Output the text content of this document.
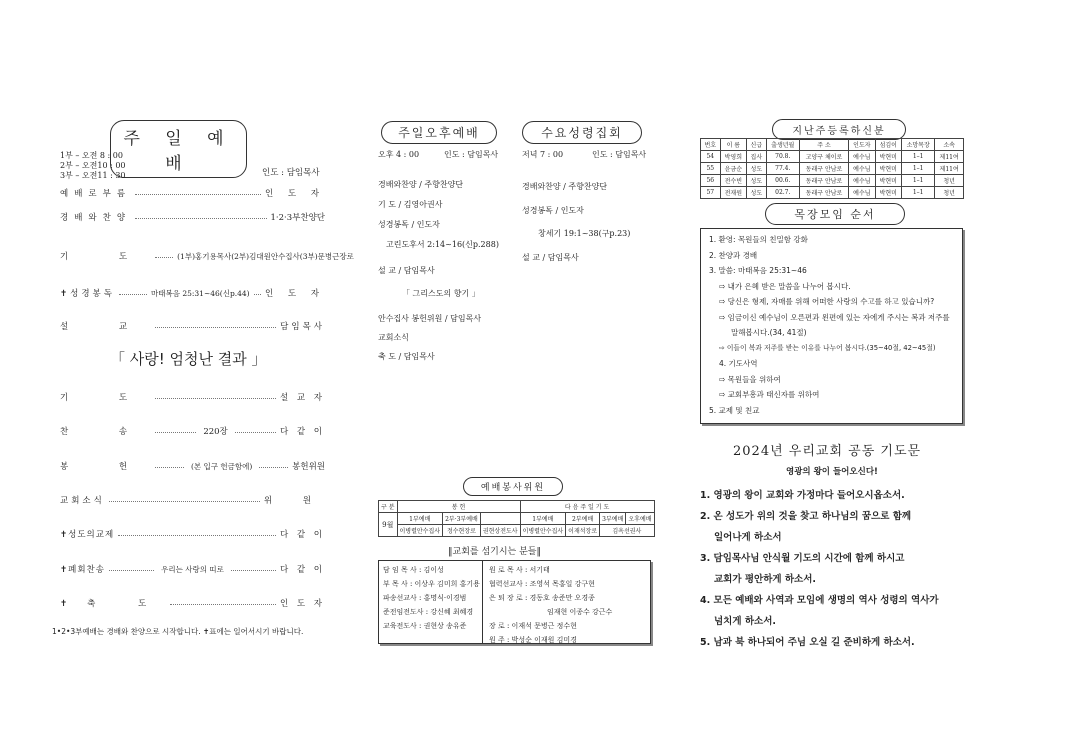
주 일 예 배
1부 – 오전 8 : 00
2부 – 오전10 : 00
3부 – 오전11 : 30	인도 : 담임목사
예배로부름	인 도 자
경배와찬양	1·2·3부찬양단
기 도	(1부)홍기용목사(2부)김대원안수집사(3부)문병근장로
✝성경봉독	마태복음 25:31~46(신p.44) 인 도 자
설 교	담임목사
「 사랑! 엄청난 결과 」
기 도	설 교 자
찬 송	220장	다 같 이
봉 헌	(본 입구 헌금함에)	봉헌위원
교회소식	위 원
✝성도의교제	다 같 이
✝폐회찬송	우리는 사랑의 띠로	다 같 이
✝축 도	인 도 자
1•2•3부예배는 경배와 찬양으로 시작합니다. ✝표에는 일어서시기 바랍니다.
주일오후예배	수요성령집회
오후 4 : 00	인도 : 담임목사
경배와찬양 / 주향찬양단
기 도 / 김영아권사
성경봉독 / 인도자
고린도후서 2:14~16(신p.288)
설 교 / 담임목사
「 그리스도의 향기 」
안수집사 봉헌위원 / 담임목사
교회소식
축 도 / 담임목사
저녁 7 : 00	인도 : 담임목사
경배와찬양 / 주향찬양단
성경봉독 / 인도자
창세기 19:1~38(구p.23)
설 교 / 담임목사
예배봉사위원
구 분	봉 헌			다 음 주 일 기 도			
9월	1부예배	2부·3부예배		1부예배	2부예배	3부예배	오후예배
	이병렬안수집사	정수현장로	권현상전도사	이병렬안수집사	이재석장로	김옥선권사	
‖교회를 섬기시는 분들‖
담 임 목 사 : 김이성
부 목 사 : 이상우 김미희 홍기용
파송선교사 : 홍명식·이경범
준전임전도사 : 강신혜 최혜경
교육전도사 : 권현상 송유준
원 로 목 사 : 서기태
협력선교사 : 조영석 목홍일 강구현
은 퇴 장 로 : 경동호 송준만 오경종
임재현 이종수 강근수
장 로 : 이재석 문병근 정수현
원 주 : 박성순 이재원 김미경
지난주등록하신분
번호	이 름	신급	출생년월	주 소	인도자	섬김이	소망목장	소속
54	박영희	집사	70.8.	고양구 체이로	예수님	박현미	1–1	제11여
55	윤금순	성도	77.4.	동래구 안남로	예수님	박현미	1–1	제11여
56	전수빈	성도	00.6.	동래구 안남로	예수님	박현미	1–1	청년
57	전재원	성도	02.7.	동래구 안남로	예수님	박현미	1–1	청년
목장모임 순서
1. 환영: 목원들의 친밀함 강화
2. 찬양과 경배
3. 말씀: 마태복음 25:31~46
⇨ 내가 은혜 받은 말씀을 나누어 봅시다.
⇨ 당신은 형제, 자매를 위해 어떠한 사랑의 수고를 하고 있습니까?
⇨ 임금이신 예수님이 오른편과 왼편에 있는 자에게 주시는 복과 저주를
말해봅시다.(34, 41절)
⇨ 이들이 복과 저주를 받는 이유를 나누어 봅시다.(35~40절, 42~45절)
4. 기도사역
⇨ 목원들을 위하여
⇨ 교회부흥과 태신자를 위하여
5. 교제 및 친교
2024년 우리교회 공동 기도문
영광의 왕이 들어오신다!
1. 영광의 왕이 교회와 가정마다 들어오시옵소서.
2. 온 성도가 위의 것을 찾고 하나님의 꿈으로 함께
일어나게 하소서
3. 담임목사님 안식월 기도의 시간에 함께 하시고
교회가 평안하게 하소서.
4. 모든 예배와 사역과 모임에 생명의 역사 성령의 역사가
넘치게 하소서.
5. 남과 북 하나되어 주님 오실 길 준비하게 하소서.
